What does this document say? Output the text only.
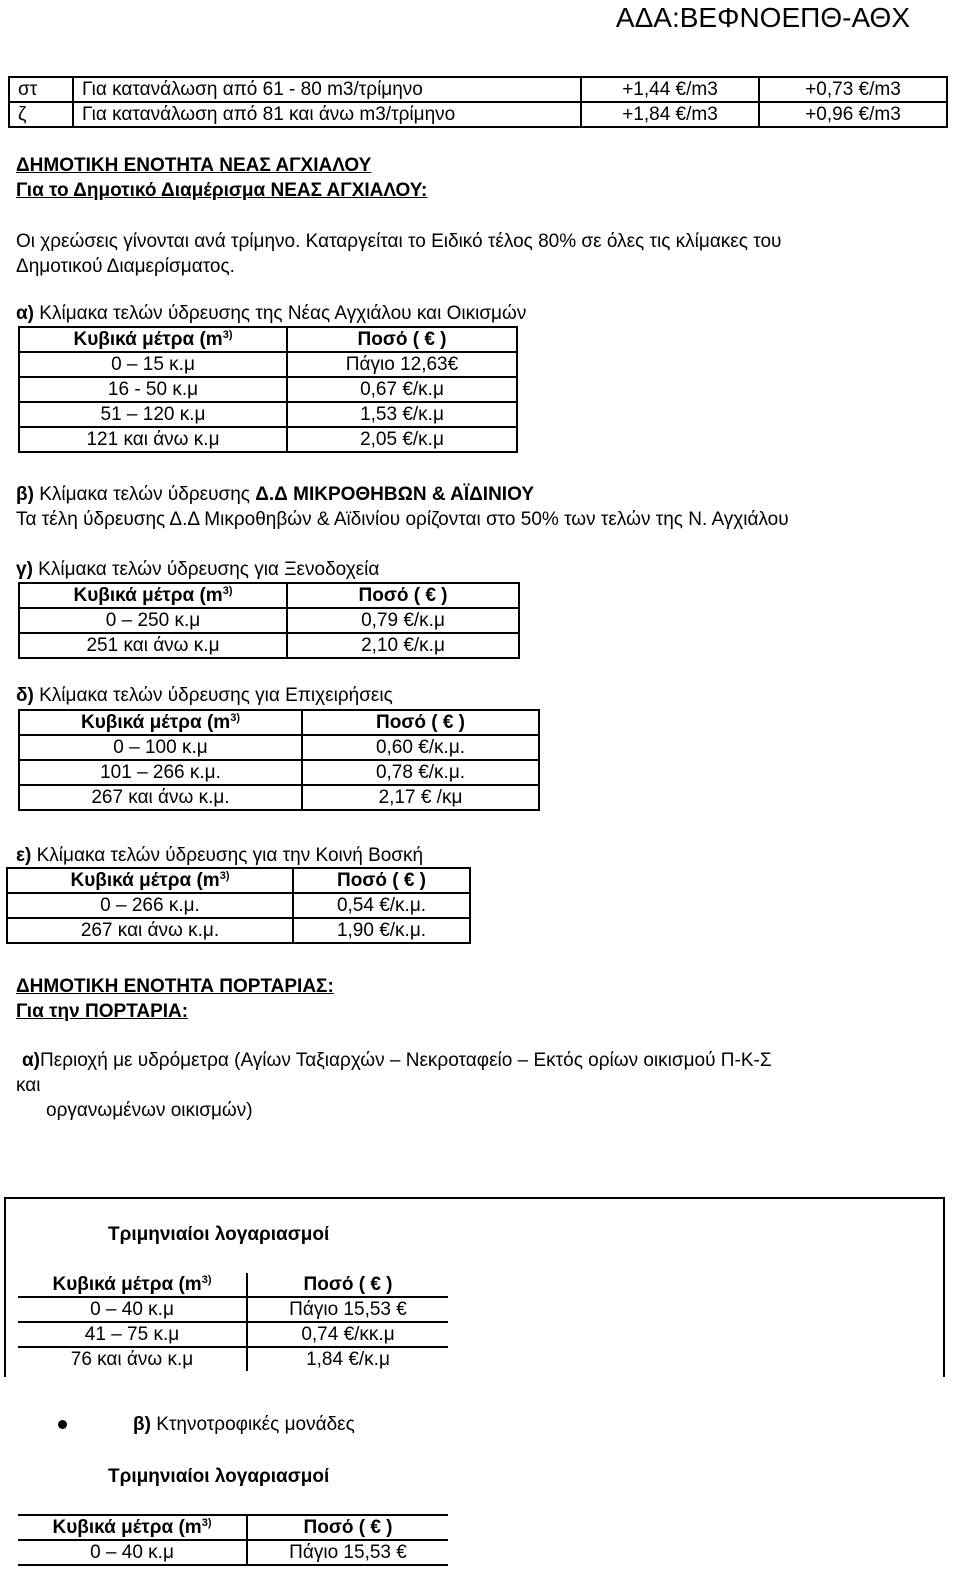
ΑΔΑ:ΒΕΦΝΟΕΠΘ-ΑΘΧ
στ	Για κατανάλωση από 61 - 80 m3/τρίμηνο	+1,44 €/m3	+0,73 €/m3
ζ	Για κατανάλωση από 81 και άνω m3/τρίμηνο	+1,84 €/m3	+0,96 €/m3
ΔΗΜΟΤΙΚΗ ΕΝΟΤΗΤΑ ΝΕΑΣ ΑΓΧΙΑΛΟΥ
Για το Δημοτικό Διαμέρισμα ΝΕΑΣ ΑΓΧΙΑΛΟΥ:
Οι χρεώσεις γίνονται ανά τρίμηνο. Καταργείται το Ειδικό τέλος 80% σε όλες τις κλίμακες του
Δημοτικού Διαμερίσματος.
α) Κλίμακα τελών ύδρευσης της Νέας Αγχιάλου και Οικισμών
Κυβικά μέτρα ($m^{3)}$	Ποσό ( € )
0 – 15 κ.μ	Πάγιο 12,63€
16 - 50 κ.μ	0,67 €/κ.μ
51 – 120 κ.μ	1,53 €/κ.μ
121 και άνω κ.μ	2,05 €/κ.μ
β) Κλίμακα τελών ύδρευσης Δ.Δ ΜΙΚΡΟΘΗΒΩΝ & ΑΪΔΙΝΙΟΥ
Τα τέλη ύδρευσης Δ.Δ Μικροθηβών & Αϊδινίου ορίζονται στο 50% των τελών της Ν. Αγχιάλου
γ) Κλίμακα τελών ύδρευσης για Ξενοδοχεία
Κυβικά μέτρα ($m^{3)}$	Ποσό ( € )
0 – 250 κ.μ	0,79 €/κ.μ
251 και άνω κ.μ	2,10 €/κ.μ
δ) Κλίμακα τελών ύδρευσης για Επιχειρήσεις
Κυβικά μέτρα ($m^{3)}$	Ποσό ( € )
0 – 100 κ.μ	0,60 €/κ.μ.
101 – 266 κ.μ.	0,78 €/κ.μ.
267 και άνω κ.μ.	2,17 € /κμ
ε) Κλίμακα τελών ύδρευσης για την Κοινή Βοσκή
Κυβικά μέτρα ($m^{3)}$	Ποσό ( € )
0 – 266 κ.μ.	0,54 €/κ.μ.
267 και άνω κ.μ.	1,90 €/κ.μ.
ΔΗΜΟΤΙΚΗ ΕΝΟΤΗΤΑ ΠΟΡΤΑΡΙΑΣ:
Για την ΠΟΡΤΑΡΙΑ:
α)Περιοχή με υδρόμετρα (Αγίων Ταξιαρχών – Νεκροταφείο – Εκτός ορίων οικισμού Π-Κ-Σ
και
οργανωμένων οικισμών)
Τριμηνιαίοι λογαριασμοί
Κυβικά μέτρα ($m^{3)}$	Ποσό ( € )
0 – 40 κ.μ	Πάγιο 15,53 €
41 – 75 κ.μ	0,74 €/κκ.μ
76 και άνω κ.μ	1,84 €/κ.μ
β) Κτηνοτροφικές μονάδες
Τριμηνιαίοι λογαριασμοί
Κυβικά μέτρα ($m^{3)}$	Ποσό ( € )
0 – 40 κ.μ	Πάγιο 15,53 €
